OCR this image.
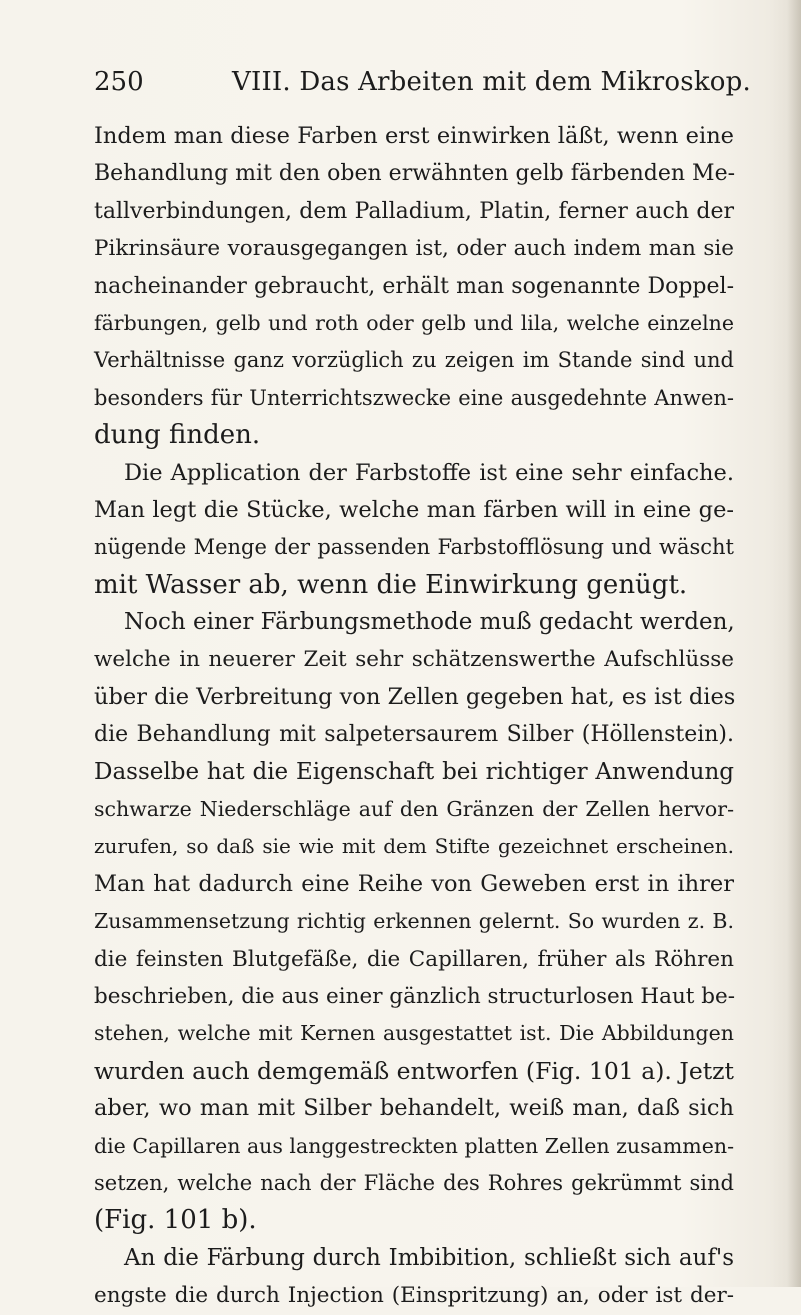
250	VIII. Das Arbeiten mit dem Mikroskop.
Indem man diese Farben erst einwirken läßt, wenn eine
Behandlung mit den oben erwähnten gelb färbenden Me-
tallverbindungen, dem Palladium, Platin, ferner auch der
Pikrinsäure vorausgegangen ist, oder auch indem man sie
nacheinander gebraucht, erhält man sogenannte Doppel-
färbungen, gelb und roth oder gelb und lila, welche einzelne
Verhältnisse ganz vorzüglich zu zeigen im Stande sind und
besonders für Unterrichtszwecke eine ausgedehnte Anwen-
dung finden.
Die Application der Farbstoffe ist eine sehr einfache.
Man legt die Stücke, welche man färben will in eine ge-
nügende Menge der passenden Farbstofflösung und wäscht
mit Wasser ab, wenn die Einwirkung genügt.
Noch einer Färbungsmethode muß gedacht werden,
welche in neuerer Zeit sehr schätzenswerthe Aufschlüsse
über die Verbreitung von Zellen gegeben hat, es ist dies
die Behandlung mit salpetersaurem Silber (Höllenstein).
Dasselbe hat die Eigenschaft bei richtiger Anwendung
schwarze Niederschläge auf den Gränzen der Zellen hervor-
zurufen, so daß sie wie mit dem Stifte gezeichnet erscheinen.
Man hat dadurch eine Reihe von Geweben erst in ihrer
Zusammensetzung richtig erkennen gelernt. So wurden z. B.
die feinsten Blutgefäße, die Capillaren, früher als Röhren
beschrieben, die aus einer gänzlich structurlosen Haut be-
stehen, welche mit Kernen ausgestattet ist. Die Abbildungen
wurden auch demgemäß entworfen (Fig. 101 a). Jetzt
aber, wo man mit Silber behandelt, weiß man, daß sich
die Capillaren aus langgestreckten platten Zellen zusammen-
setzen, welche nach der Fläche des Rohres gekrümmt sind
(Fig. 101 b).
An die Färbung durch Imbibition, schließt sich auf's
engste die durch Injection (Einspritzung) an, oder ist der-
